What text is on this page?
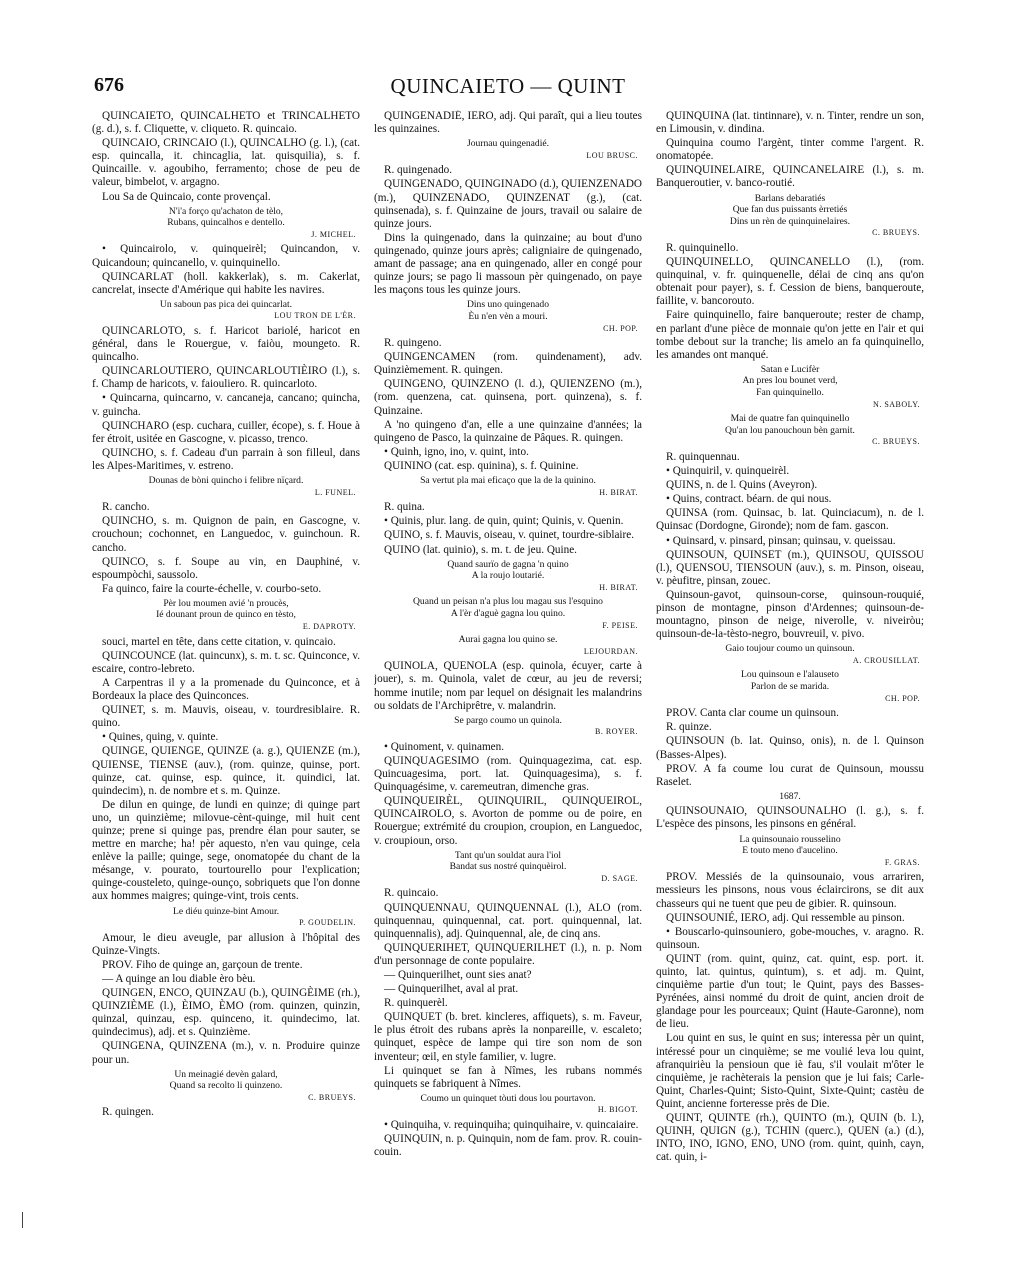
676	QUINCAIETO — QUINT

QUINCAIETO, QUINCALHETO et TRINCALHETO (g. d.), s. f. Cliquette, v. cliqueto. R. quincaio.

QUINCAIO, CRINCAIO (l.), QUINCALHO (g. l.), (cat. esp. quincalla, it. chincaglia, lat. quisquilia), s. f. Quincaille. v. agoubiho, ferramento; chose de peu de valeur, bimbelot, v. argagno.

Lou Sa de Quincaio, conte provençal.

N'i'a forço qu'achaton de tèlo,
Rubans, quincalhos e dentello.
J. MICHEL.

• Quincairolo, v. quinqueirèl; Quincandon, v. Quicandoun; quincanello, v. quinquinello.

QUINCARLAT (holl. kakkerlak), s. m. Cakerlat, cancrelat, insecte d'Amérique qui habite les navires.

Un saboun pas pica dei quincarlat.
LOU TRON DE L'ÈR.

QUINCARLOTO, s. f. Haricot bariolé, haricot en général, dans le Rouergue, v. faiòu, moungeto. R. quincalho.

QUINCARLOUTIERO, QUINCARLOUTIÈIRO (l.), s. f. Champ de haricots, v. faiouliero. R. quincarloto.

• Quincarna, quincarno, v. cancaneja, cancano; quincha, v. guincha.

QUINCHARO (esp. cuchara, cuiller, écope), s. f. Houe à fer étroit, usitée en Gascogne, v. picasso, trenco.

QUINCHO, s. f. Cadeau d'un parrain à son filleul, dans les Alpes-Maritimes, v. estreno.

Dounas de bòni quincho i felibre nïçard.
L. FUNEL.

R. cancho.

QUINCHO, s. m. Quignon de pain, en Gascogne, v. crouchoun; cochonnet, en Languedoc, v. guinchoun. R. cancho.

QUINCO, s. f. Soupe au vin, en Dauphiné, v. espoumpòchi, saussolo.

Fa quinco, faire la courte-échelle, v. courbo-seto.

Pèr lou moumen avié 'n proucès,
Ié dounant proun de quinco en tèsto,
E. DAPROTY.

souci, martel en tête, dans cette citation, v. quincaio.

QUINCOUNCE (lat. quincunx), s. m. t. sc. Quinconce, v. escaire, contro-lebreto.

A Carpentras il y a la promenade du Quinconce, et à Bordeaux la place des Quinconces.

QUINET, s. m. Mauvis, oiseau, v. tourdresiblaire. R. quino.

• Quines, quing, v. quinte.

QUINGE, QUIENGE, QUINZE (a. g.), QUIENZE (m.), QUIENSE, TIENSE (auv.), (rom. quinze, quinse, port. quinze, cat. quinse, esp. quince, it. quindici, lat. quindecim), n. de nombre et s. m. Quinze.

De dilun en quinge, de lundi en quinze; di quinge part uno, un quinzième; milovue-cènt-quinge, mil huit cent quinze; prene si quinge pas, prendre élan pour sauter, se mettre en marche; ha! pèr aquesto, n'en vau quinge, cela enlève la paille; quinge, sege, onomatopée du chant de la mésange, v. pourato, tourtourello pour l'explication; quinge-cousteleto, quinge-ounço, sobriquets que l'on donne aux hommes maigres; quinge-vint, trois cents.

Le diéu quinze-bint Amour.
P. GOUDELIN.

Amour, le dieu aveugle, par allusion à l'hôpital des Quinze-Vingts.

PROV. Fiho de quinge an, garçoun de trente.

— A quinge an lou diable èro bèu.

QUINGEN, ENCO, QUINZAU (b.), QUINGÈIME (rh.), QUINZIÈME (l.), ÈIMO, ÈMO (rom. quinzen, quinzin, quinzal, quinzau, esp. quinceno, it. quindecimo, lat. quindecimus), adj. et s. Quinzième.

QUINGENA, QUINZENA (m.), v. n. Produire quinze pour un.

Un meinagié devèn galard,
Quand sa recolto li quinzeno.
C. BRUEYS.

R. quingen.

QUINGENADIÉ, IERO, adj. Qui paraît, qui a lieu toutes les quinzaines.

Journau quingenadié.
LOU BRUSC.

R. quingenado.

QUINGENADO, QUINGINADO (d.), QUIENZENADO (m.), QUINZENADO, QUINZENAT (g.), (cat. quinsenada), s. f. Quinzaine de jours, travail ou salaire de quinze jours.

Dins la quingenado, dans la quinzaine; au bout d'uno quingenado, quinze jours après; caligniaire de quingenado, amant de passage; ana en quingenado, aller en congé pour quinze jours; se pago li massoun pèr quingenado, on paye les maçons tous les quinze jours.

Dins uno quingenado
Èu n'en vèn a mouri.
CH. POP.

R. quingeno.

QUINGENCAMEN (rom. quindenament), adv. Quinzièmement. R. quingen.

QUINGENO, QUINZENO (l. d.), QUIENZENO (m.), (rom. quenzena, cat. quinsena, port. quinzena), s. f. Quinzaine.

A 'no quingeno d'an, elle a une quinzaine d'années; la quingeno de Pasco, la quinzaine de Pâques. R. quingen.

• Quinh, igno, ino, v. quint, into.

QUININO (cat. esp. quinina), s. f. Quinine.

Sa vertut pla mai eficaço que la de la quinino.
H. BIRAT.

R. quina.

• Quinis, plur. lang. de quin, quint; Quinis, v. Quenin.

QUINO, s. f. Mauvis, oiseau, v. quinet, tourdre-siblaire.

QUINO (lat. quinio), s. m. t. de jeu. Quine.

Quand saurïo de gagna 'n quino
A la roujo loutarié.
H. BIRAT.
Quand un peisan n'a plus lou magau sus l'esquino
A l'èr d'aguè gagna lou quino.
F. PEISE.
Aurai gagna lou quino se.
LEJOURDAN.

QUINOLA, QUENOLA (esp. quinola, écuyer, carte à jouer), s. m. Quinola, valet de cœur, au jeu de reversi; homme inutile; nom par lequel on désignait les malandrins ou soldats de l'Archiprêtre, v. malandrin.

Se pargo coumo un quinola.
B. ROYER.

• Quinoment, v. quinamen.

QUINQUAGESIMO (rom. Quinquagezima, cat. esp. Quincuagesima, port. lat. Quinquagesima), s. f. Quinquagésime, v. caremeutran, dimenche gras.

QUINQUEIRÈL, QUINQUIRIL, QUINQUEIROL, QUINCAIROLO, s. Avorton de pomme ou de poire, en Rouergue; extrémité du croupion, croupion, en Languedoc, v. croupioun, orso.

Tant qu'un souldat aura l'iol
Bandat sus nostré quinquèirol.
D. SAGE.

R. quincaio.

QUINQUENNAU, QUINQUENNAL (l.), ALO (rom. quinquennau, quinquennal, cat. port. quinquennal, lat. quinquennalis), adj. Quinquennal, ale, de cinq ans.

QUINQUERIHET, QUINQUERILHET (l.), n. p. Nom d'un personnage de conte populaire.

— Quinquerilhet, ount sies anat?

— Quinquerilhet, aval al prat.

R. quinquerèl.

QUINQUET (b. bret. kincleres, affiquets), s. m. Faveur, le plus étroit des rubans après la nonpareille, v. escaleto; quinquet, espèce de lampe qui tire son nom de son inventeur; œil, en style familier, v. lugre.

Li quinquet se fan à Nîmes, les rubans nommés quinquets se fabriquent à Nîmes.

Coumo un quinquet tòuti dous lou pourtavon.
H. BIGOT.

• Quinquiha, v. requinquiha; quinquihaire, v. quincaiaire.

QUINQUIN, n. p. Quinquin, nom de fam. prov. R. couin-couin.

QUINQUINA (lat. tintinnare), v. n. Tinter, rendre un son, en Limousin, v. dindina.

Quinquina coumo l'argènt, tinter comme l'argent. R. onomatopée.

QUINQUINELAIRE, QUINCANELAIRE (l.), s. m. Banqueroutier, v. banco-routié.

Barlans debaratiés
Que fan dus puissants èrretiés
Dins un rèn de quinquinelaires.
C. BRUEYS.

R. quinquinello.

QUINQUINELLO, QUINCANELLO (l.), (rom. quinquinal, v. fr. quinquenelle, délai de cinq ans qu'on obtenait pour payer), s. f. Cession de biens, banqueroute, faillite, v. bancorouto.

Faire quinquinello, faire banqueroute; rester de champ, en parlant d'une pièce de monnaie qu'on jette en l'air et qui tombe debout sur la tranche; lis amelo an fa quinquinello, les amandes ont manqué.

Satan e Lucifèr
An pres lou bounet verd,
Fan quinquinello.
N. SABOLY.
Mai de quatre fan quinquinello
Qu'an lou panouchoun bèn garnit.
C. BRUEYS.

R. quinquennau.

• Quinquiril, v. quinqueirèl.

QUINS, n. de l. Quins (Aveyron).

• Quins, contract. béarn. de qui nous.

QUINSA (rom. Quinsac, b. lat. Quinciacum), n. de l. Quinsac (Dordogne, Gironde); nom de fam. gascon.

• Quinsard, v. pinsard, pinsan; quinsau, v. queissau.

QUINSOUN, QUINSET (m.), QUINSOU, QUISSOU (l.), QUENSOU, TIENSOUN (auv.), s. m. Pinson, oiseau, v. pèufitre, pinsan, zouec.

Quinsoun-gavot, quinsoun-corse, quinsoun-rouquié, pinson de montagne, pinson d'Ardennes; quinsoun-de-mountagno, pinson de neige, niverolle, v. niveiròu; quinsoun-de-la-tèsto-negro, bouvreuil, v. pivo.

Gaio toujour coumo un quinsoun.
A. CROUSILLAT.
Lou quinsoun e l'alauseto
Parlon de se marida.
CH. POP.

PROV. Canta clar coume un quinsoun.

R. quinze.

QUINSOUN (b. lat. Quinso, onis), n. de l. Quinson (Basses-Alpes).

PROV. A fa coume lou curat de Quinsoun, moussu Raselet.

1687.

QUINSOUNAIO, QUINSOUNALHO (l. g.), s. f. L'espèce des pinsons, les pinsons en général.

La quinsounaio rousselino
E touto meno d'aucelino.
F. GRAS.

PROV. Messiés de la quinsounaio, vous arrariren, messieurs les pinsons, nous vous éclaircirons, se dit aux chasseurs qui ne tuent que peu de gibier. R. quinsoun.

QUINSOUNIÉ, IERO, adj. Qui ressemble au pinson.

• Bouscarlo-quinsouniero, gobe-mouches, v. aragno. R. quinsoun.

QUINT (rom. quint, quinz, cat. quint, esp. port. it. quinto, lat. quintus, quintum), s. et adj. m. Quint, cinquième partie d'un tout; le Quint, pays des Basses-Pyrénées, ainsi nommé du droit de quint, ancien droit de glandage pour les pourceaux; Quint (Haute-Garonne), nom de lieu.

Lou quint en sus, le quint en sus; interessa pèr un quint, intéressé pour un cinquième; se me voulié leva lou quint, afranquirièu la pensioun que iè fau, s'il voulait m'ôter le cinquième, je rachèterais la pension que je lui fais; Carle-Quint, Charles-Quint; Sisto-Quint, Sixte-Quint; castèu de Quint, ancienne forteresse près de Die.

QUINT, QUINTE (rh.), QUINTO (m.), QUIN (b. l.), QUINH, QUIGN (g.), TCHIN (querc.), QUEN (a.) (d.), INTO, INO, IGNO, ENO, UNO (rom. quint, quinh, cayn, cat. quin, i-
